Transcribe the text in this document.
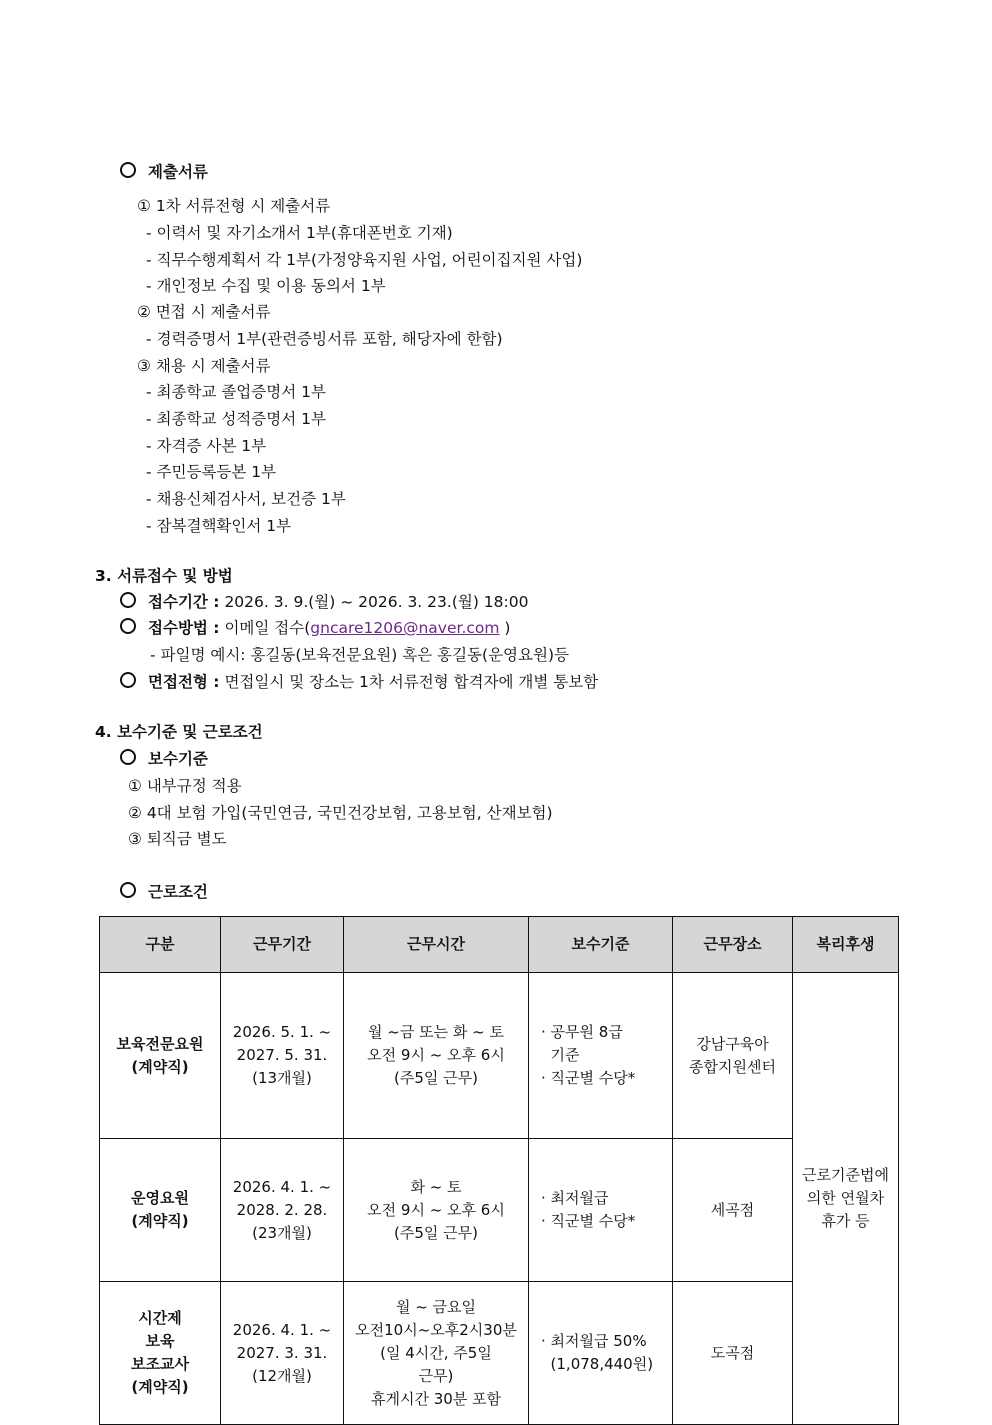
제출서류
① 1차 서류전형 시 제출서류
- 이력서 및 자기소개서 1부(휴대폰번호 기재)
- 직무수행계획서 각 1부(가정양육지원 사업, 어린이집지원 사업)
- 개인정보 수집 및 이용 동의서 1부
② 면접 시 제출서류
- 경력증명서 1부(관련증빙서류 포함, 해당자에 한함)
③ 채용 시 제출서류
- 최종학교 졸업증명서 1부
- 최종학교 성적증명서 1부
- 자격증 사본 1부
- 주민등록등본 1부
- 채용신체검사서, 보건증 1부
- 잠복결핵확인서 1부
3. 서류접수 및 방법
접수기간 : 2026. 3. 9.(월) ~ 2026. 3. 23.(월) 18:00
접수방법 : 이메일 접수(gncare1206@naver.com )
- 파일명 예시: 홍길동(보육전문요원) 혹은 홍길동(운영요원)등
면접전형 : 면접일시 및 장소는 1차 서류전형 합격자에 개별 통보함
4. 보수기준 및 근로조건
보수기준
① 내부규정 적용
② 4대 보험 가입(국민연금, 국민건강보험, 고용보험, 산재보험)
③ 퇴직금 별도
근로조건
구분	근무기간	근무시간	보수기준	근무장소	복리후생

보육전문요원
(계약직)	2026. 5. 1. ~
2027. 5. 31.
(13개월)	월 ~금 또는 화 ~ 토
오전 9시 ~ 오후 6시
(주5일 근무)	· 공무원 8급
기준
· 직군별 수당*	강남구육아
종합지원센터	근로기준법에
의한 연월차
휴가 등

운영요원
(계약직)	2026. 4. 1. ~
2028. 2. 28.
(23개월)	화 ~ 토
오전 9시 ~ 오후 6시
(주5일 근무)	· 최저월급
· 직군별 수당*	세곡점	

시간제
보육
보조교사
(계약직)	2026. 4. 1. ~
2027. 3. 31.
(12개월)	월 ~ 금요일
오전10시~오후2시30분
(일 4시간, 주5일
근무)
휴게시간 30분 포함	· 최저월급 50%
(1,078,440원)	도곡점	
